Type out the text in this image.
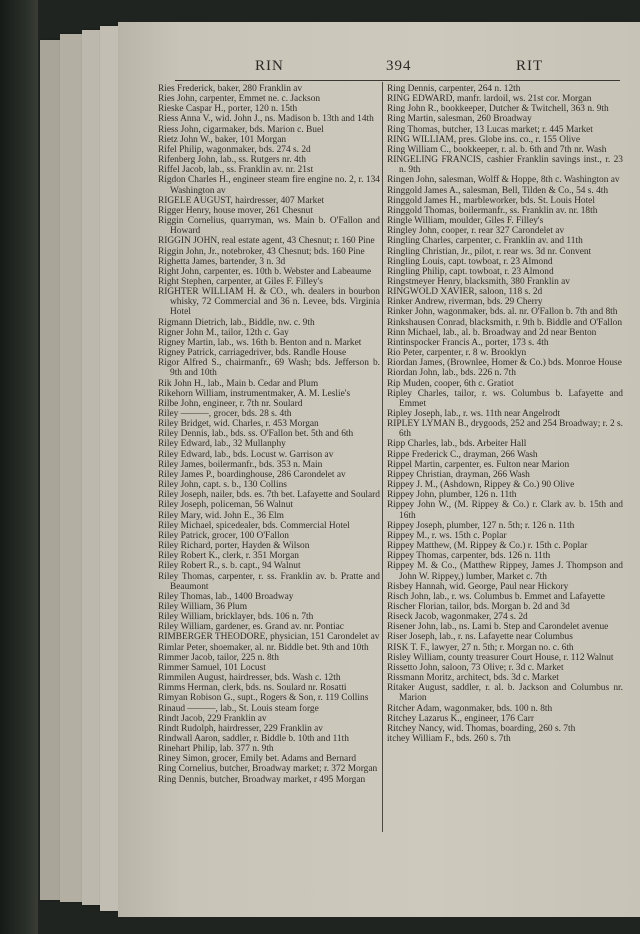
RIN	394	RIT
Ries Frederick, baker, 280 Franklin av
Ries John, carpenter, Emmet ne. c. Jackson
Rieske Caspar H., porter, 120 n. 15th
Riess Anna V., wid. John J., ns. Madison b. 13th and 14th
Riess John, cigarmaker, bds. Marion c. Buel
Rietz John W., baker, 101 Morgan
Rifel Philip, wagonmaker, bds. 274 s. 2d
Rifenberg John, lab., ss. Rutgers nr. 4th
Riffel Jacob, lab., ss. Franklin av. nr. 21st
Rigdon Charles H., engineer steam fire engine no. 2, r. 134 Washington av
RIGELE AUGUST, hairdresser, 407 Market
Rigger Henry, house mover, 261 Chesnut
Riggin Cornelius, quarryman, ws. Main b. O'Fallon and Howard
RIGGIN JOHN, real estate agent, 43 Chesnut; r. 160 Pine
Riggin John, Jr., notebroker, 43 Chesnut; bds. 160 Pine
Righetta James, bartender, 3 n. 3d
Right John, carpenter, es. 10th b. Webster and Labeaume
Right Stephen, carpenter, at Giles F. Filley's
RIGHTER WILLIAM H. & CO., wh. dealers in bourbon whisky, 72 Commercial and 36 n. Levee, bds. Virginia Hotel
Rigmann Dietrich, lab., Biddle, nw. c. 9th
Rigner John M., tailor, 12th c. Gay
Rigney Martin, lab., ws. 16th b. Benton and n. Market
Rigney Patrick, carriagedriver, bds. Randle House
Rigor Alfred S., chairmanfr., 69 Wash; bds. Jefferson b. 9th and 10th
Rik John H., lab., Main b. Cedar and Plum
Rikehorn William, instrumentmaker, A. M. Leslie's
Rilbe John, engineer, r. 7th nr. Soulard
Riley ———, grocer, bds. 28 s. 4th
Riley Bridget, wid. Charles, r. 453 Morgan
Riley Dennis, lab., bds. ss. O'Fallon bet. 5th and 6th
Riley Edward, lab., 32 Mullanphy
Riley Edward, lab., bds. Locust w. Garrison av
Riley James, boilermanfr., bds. 353 n. Main
Riley James P., boardinghouse, 286 Carondelet av
Riley John, capt. s. b., 130 Collins
Riley Joseph, nailer, bds. es. 7th bet. Lafayette and Soulard
Riley Joseph, policeman, 56 Walnut
Riley Mary, wid. John E., 36 Elm
Riley Michael, spicedealer, bds. Commercial Hotel
Riley Patrick, grocer, 100 O'Fallon
Riley Richard, porter, Hayden & Wilson
Riley Robert K., clerk, r. 351 Morgan
Riley Robert R., s. b. capt., 94 Walnut
Riley Thomas, carpenter, r. ss. Franklin av. b. Pratte and Beaumont
Riley Thomas, lab., 1400 Broadway
Riley William, 36 Plum
Riley William, bricklayer, bds. 106 n. 7th
Riley William, gardener, es. Grand av. nr. Pontiac
RIMBERGER THEODORE, physician, 151 Carondelet av
Rimlar Peter, shoemaker, al. nr. Biddle bet. 9th and 10th
Rimmer Jacob, tailor, 225 n. 8th
Rimmer Samuel, 101 Locust
Rimmilen August, hairdresser, bds. Wash c. 12th
Rimms Herman, clerk, bds. ns. Soulard nr. Rosatti
Rimyan Robison G., supt., Rogers & Son, r. 119 Collins
Rinaud ———, lab., St. Louis steam forge
Rindt Jacob, 229 Franklin av
Rindt Rudolph, hairdresser, 229 Franklin av
Rindwall Aaron, saddler, r. Biddle b. 10th and 11th
Rinehart Philip, lab. 377 n. 9th
Riney Simon, grocer, Emily bet. Adams and Bernard
Ring Cornelius, butcher, Broadway market; r. 372 Morgan
Ring Dennis, butcher, Broadway market, r 495 Morgan
Ring Dennis, carpenter, 264 n. 12th
RING EDWARD, manfr. lardoil, ws. 21st cor. Morgan
Ring John R., bookkeeper, Dutcher & Twitchell, 363 n. 9th
Ring Martin, salesman, 260 Broadway
Ring Thomas, butcher, 13 Lucas market; r. 445 Market
RING WILLIAM, pres. Globe ins. co., r. 155 Olive
Ring William C., bookkeeper, r. al. b. 6th and 7th nr. Wash
RINGELING FRANCIS, cashier Franklin savings inst., r. 23 n. 9th
Ringen John, salesman, Wolff & Hoppe, 8th c. Washington av
Ringgold James A., salesman, Bell, Tilden & Co., 54 s. 4th
Ringgold James H., marbleworker, bds. St. Louis Hotel
Ringgold Thomas, boilermanfr., ss. Franklin av. nr. 18th
Ringle William, moulder, Giles F. Filley's
Ringley John, cooper, r. rear 327 Carondelet av
Ringling Charles, carpenter, c. Franklin av. and 11th
Ringling Christian, Jr., pilot, r. rear ws. 3d nr. Convent
Ringling Louis, capt. towboat, r. 23 Almond
Ringling Philip, capt. towboat, r. 23 Almond
Ringstmeyer Henry, blacksmith, 380 Franklin av
RINGWOLD XAVIER, saloon, 118 s. 2d
Rinker Andrew, riverman, bds. 29 Cherry
Rinker John, wagonmaker, bds. al. nr. O'Fallon b. 7th and 8th
Rinkshausen Conrad, blacksmith, r. 9th b. Biddle and O'Fallon
Rinn Michael, lab., al. b. Broadway and 2d near Benton
Rintinspocker Francis A., porter, 173 s. 4th
Rio Peter, carpenter, r. 8 w. Brooklyn
Riordan James, (Brownlee, Homer & Co.) bds. Monroe House
Riordan John, lab., bds. 226 n. 7th
Rip Muden, cooper, 6th c. Gratiot
Ripley Charles, tailor, r. ws. Columbus b. Lafayette and Emmet
Ripley Joseph, lab., r. ws. 11th near Angelrodt
RIPLEY LYMAN B., drygoods, 252 and 254 Broadway; r. 2 s. 6th
Ripp Charles, lab., bds. Arbeiter Hall
Rippe Frederick C., drayman, 266 Wash
Rippel Martin, carpenter, es. Fulton near Marion
Rippey Christian, drayman, 266 Wash
Rippey J. M., (Ashdown, Rippey & Co.) 90 Olive
Rippey John, plumber, 126 n. 11th
Rippey John W., (M. Rippey & Co.) r. Clark av. b. 15th and 16th
Rippey Joseph, plumber, 127 n. 5th; r. 126 n. 11th
Rippey M., r. ws. 15th c. Poplar
Rippey Matthew, (M. Rippey & Co.) r. 15th c. Poplar
Rippey Thomas, carpenter, bds. 126 n. 11th
Rippey M. & Co., (Matthew Rippey, James J. Thompson and John W. Rippey,) lumber, Market c. 7th
Risbey Hannah, wid. George, Paul near Hickory
Risch John, lab., r. ws. Columbus b. Emmet and Lafayette
Rischer Florian, tailor, bds. Morgan b. 2d and 3d
Riseck Jacob, wagonmaker, 274 s. 2d
Risener John, lab., ns. Lami b. Step and Carondelet avenue
Riser Joseph, lab., r. ns. Lafayette near Columbus
RISK T. F., lawyer, 27 n. 5th; r. Morgan no. c. 6th
Risley William, county treasurer Court House, r. 112 Walnut
Rissetto John, saloon, 73 Olive; r. 3d c. Market
Rissmann Moritz, architect, bds. 3d c. Market
Ritaker August, saddler, r. al. b. Jackson and Columbus nr. Marion
Ritcher Adam, wagonmaker, bds. 100 n. 8th
Ritchey Lazarus K., engineer, 176 Carr
Ritchey Nancy, wid. Thomas, boarding, 260 s. 7th
itchey William F., bds. 260 s. 7th
